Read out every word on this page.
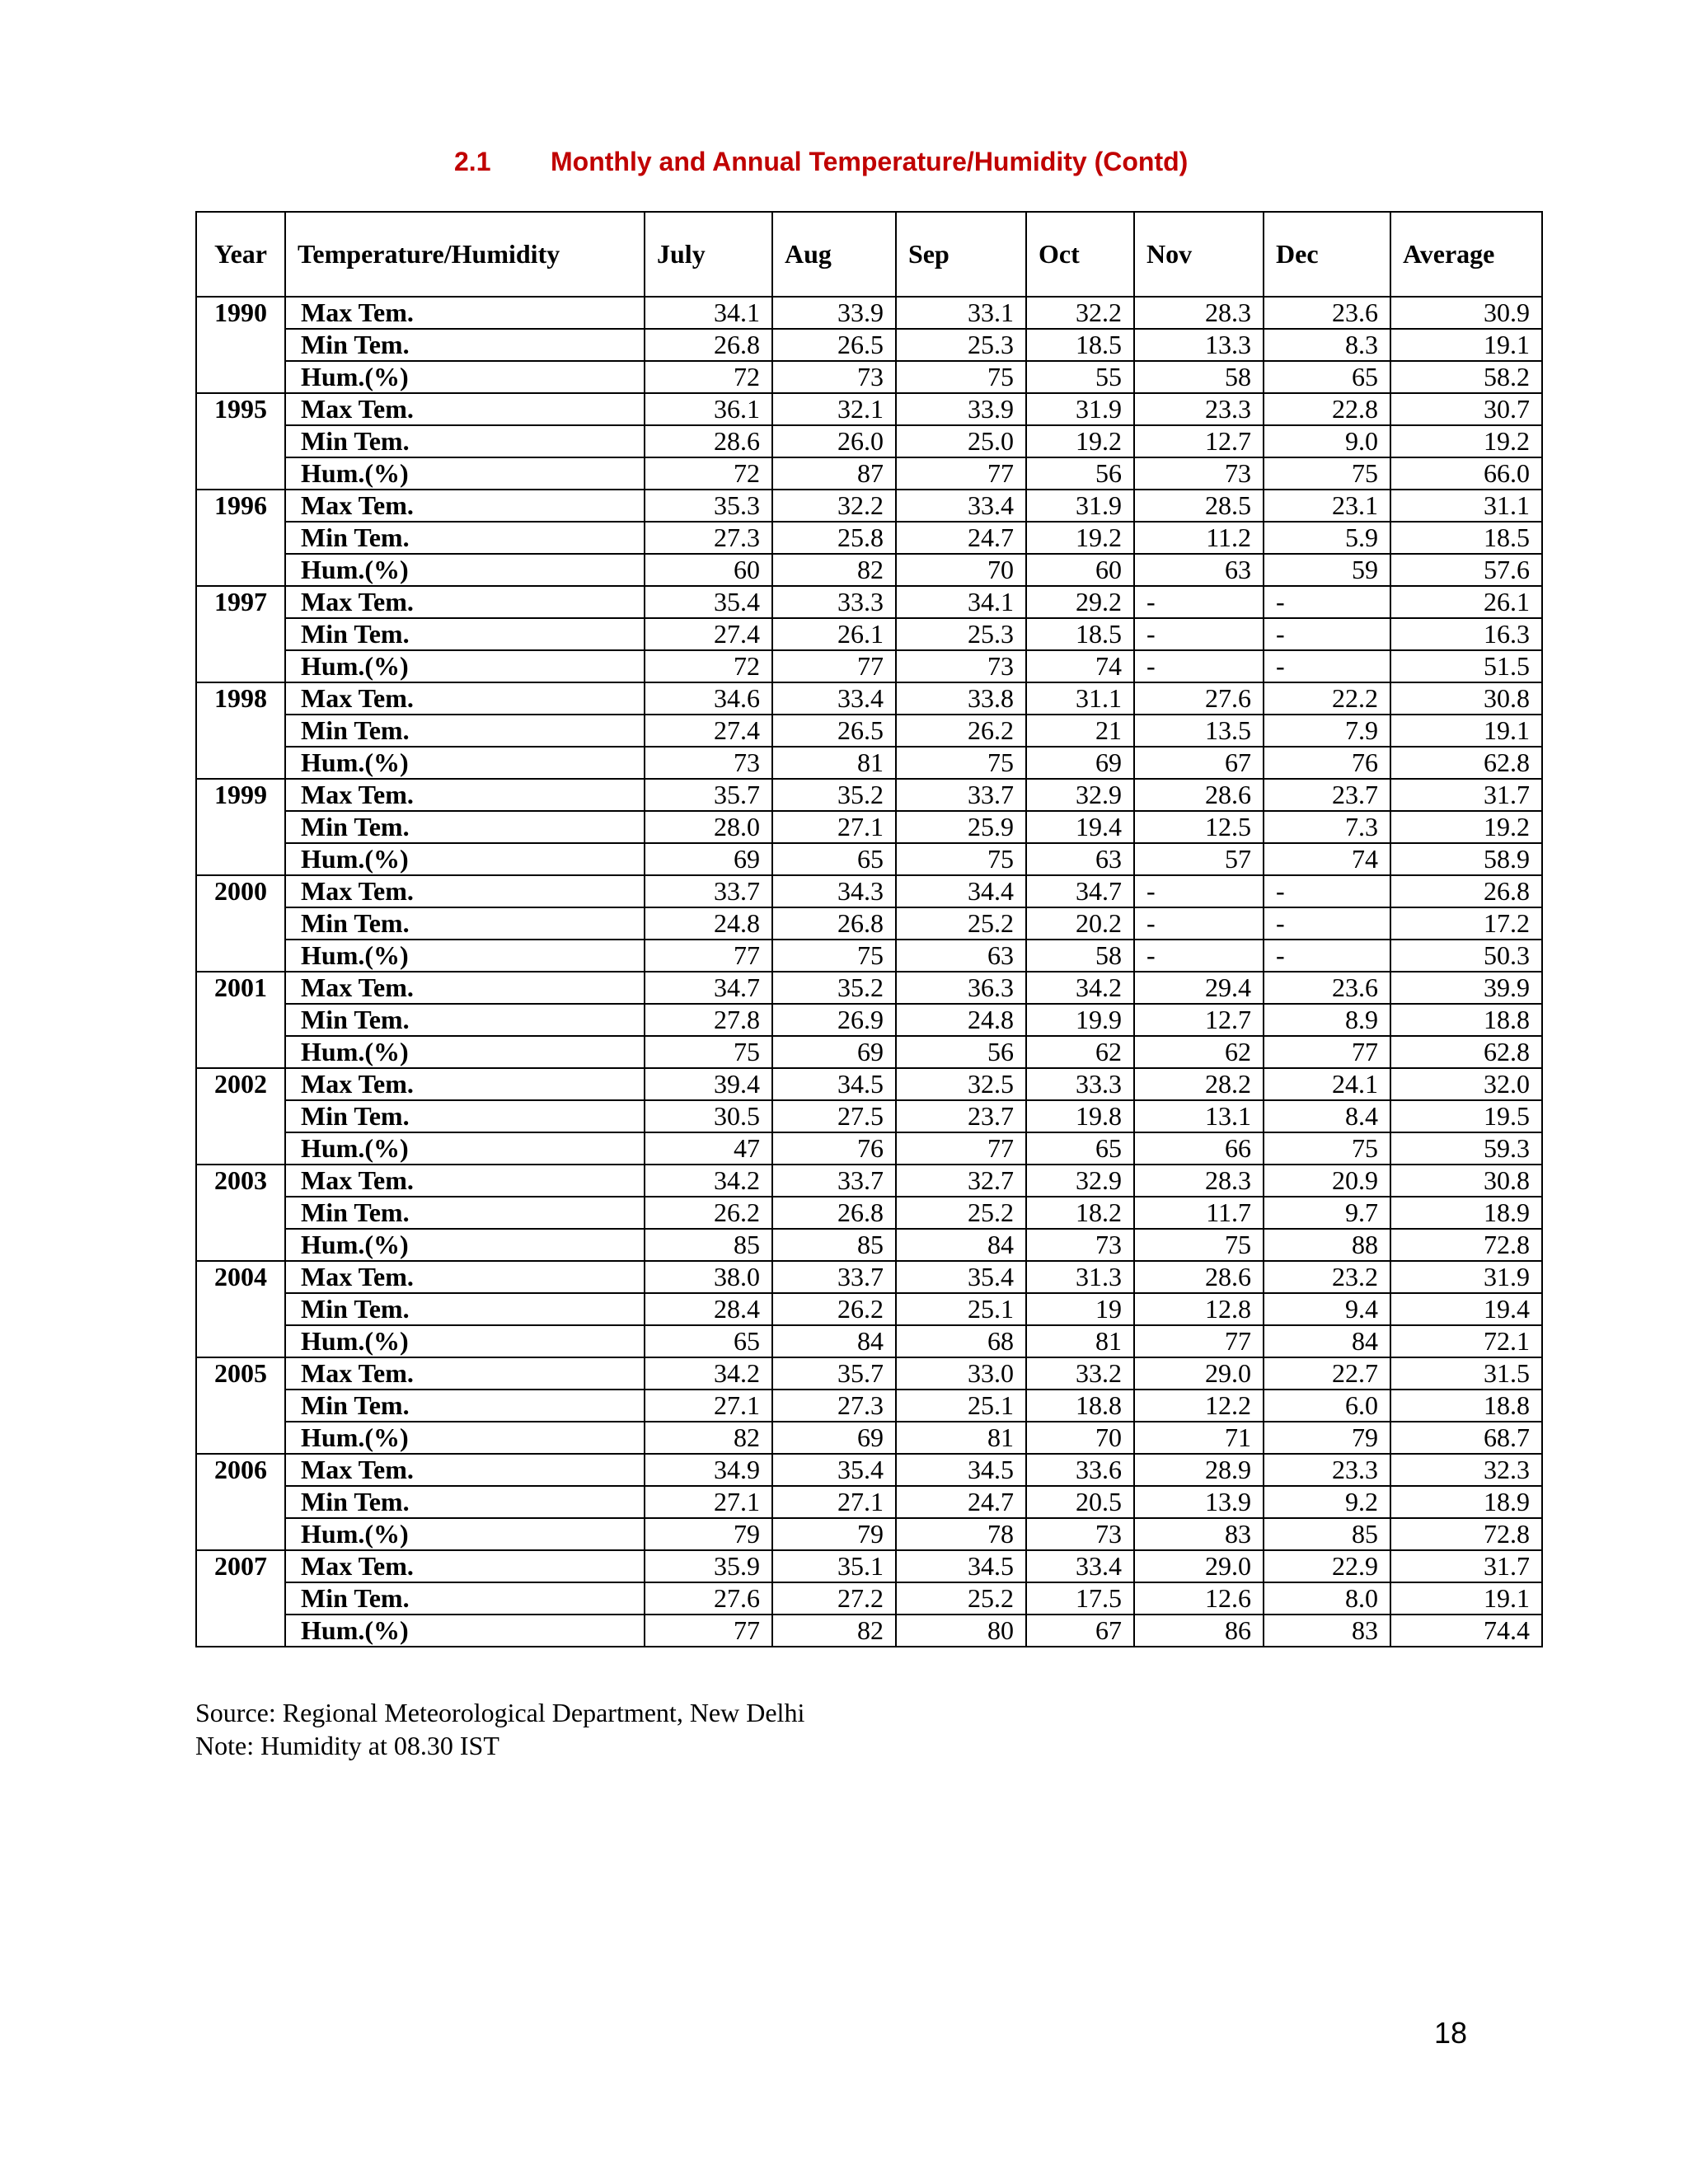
2.1 Monthly and Annual Temperature/Humidity (Contd)
Year	Temperature/Humidity	July	Aug	Sep	Oct	Nov	Dec	Average
1990	Max Tem.	34.1	33.9	33.1	32.2	28.3	23.6	30.9
	Min Tem.	26.8	26.5	25.3	18.5	13.3	8.3	19.1
	Hum.(%)	72	73	75	55	58	65	58.2
1995	Max Tem.	36.1	32.1	33.9	31.9	23.3	22.8	30.7
	Min Tem.	28.6	26.0	25.0	19.2	12.7	9.0	19.2
	Hum.(%)	72	87	77	56	73	75	66.0
1996	Max Tem.	35.3	32.2	33.4	31.9	28.5	23.1	31.1
	Min Tem.	27.3	25.8	24.7	19.2	11.2	5.9	18.5
	Hum.(%)	60	82	70	60	63	59	57.6
1997	Max Tem.	35.4	33.3	34.1	29.2	-	-	26.1
	Min Tem.	27.4	26.1	25.3	18.5	-	-	16.3
	Hum.(%)	72	77	73	74	-	-	51.5
1998	Max Tem.	34.6	33.4	33.8	31.1	27.6	22.2	30.8
	Min Tem.	27.4	26.5	26.2	21	13.5	7.9	19.1
	Hum.(%)	73	81	75	69	67	76	62.8
1999	Max Tem.	35.7	35.2	33.7	32.9	28.6	23.7	31.7
	Min Tem.	28.0	27.1	25.9	19.4	12.5	7.3	19.2
	Hum.(%)	69	65	75	63	57	74	58.9
2000	Max Tem.	33.7	34.3	34.4	34.7	-	-	26.8
	Min Tem.	24.8	26.8	25.2	20.2	-	-	17.2
	Hum.(%)	77	75	63	58	-	-	50.3
2001	Max Tem.	34.7	35.2	36.3	34.2	29.4	23.6	39.9
	Min Tem.	27.8	26.9	24.8	19.9	12.7	8.9	18.8
	Hum.(%)	75	69	56	62	62	77	62.8
2002	Max Tem.	39.4	34.5	32.5	33.3	28.2	24.1	32.0
	Min Tem.	30.5	27.5	23.7	19.8	13.1	8.4	19.5
	Hum.(%)	47	76	77	65	66	75	59.3
2003	Max Tem.	34.2	33.7	32.7	32.9	28.3	20.9	30.8
	Min Tem.	26.2	26.8	25.2	18.2	11.7	9.7	18.9
	Hum.(%)	85	85	84	73	75	88	72.8
2004	Max Tem.	38.0	33.7	35.4	31.3	28.6	23.2	31.9
	Min Tem.	28.4	26.2	25.1	19	12.8	9.4	19.4
	Hum.(%)	65	84	68	81	77	84	72.1
2005	Max Tem.	34.2	35.7	33.0	33.2	29.0	22.7	31.5
	Min Tem.	27.1	27.3	25.1	18.8	12.2	6.0	18.8
	Hum.(%)	82	69	81	70	71	79	68.7
2006	Max Tem.	34.9	35.4	34.5	33.6	28.9	23.3	32.3
	Min Tem.	27.1	27.1	24.7	20.5	13.9	9.2	18.9
	Hum.(%)	79	79	78	73	83	85	72.8
2007	Max Tem.	35.9	35.1	34.5	33.4	29.0	22.9	31.7
	Min Tem.	27.6	27.2	25.2	17.5	12.6	8.0	19.1
	Hum.(%)	77	82	80	67	86	83	74.4
Source: Regional Meteorological Department, New Delhi
Note: Humidity at 08.30 IST
18
